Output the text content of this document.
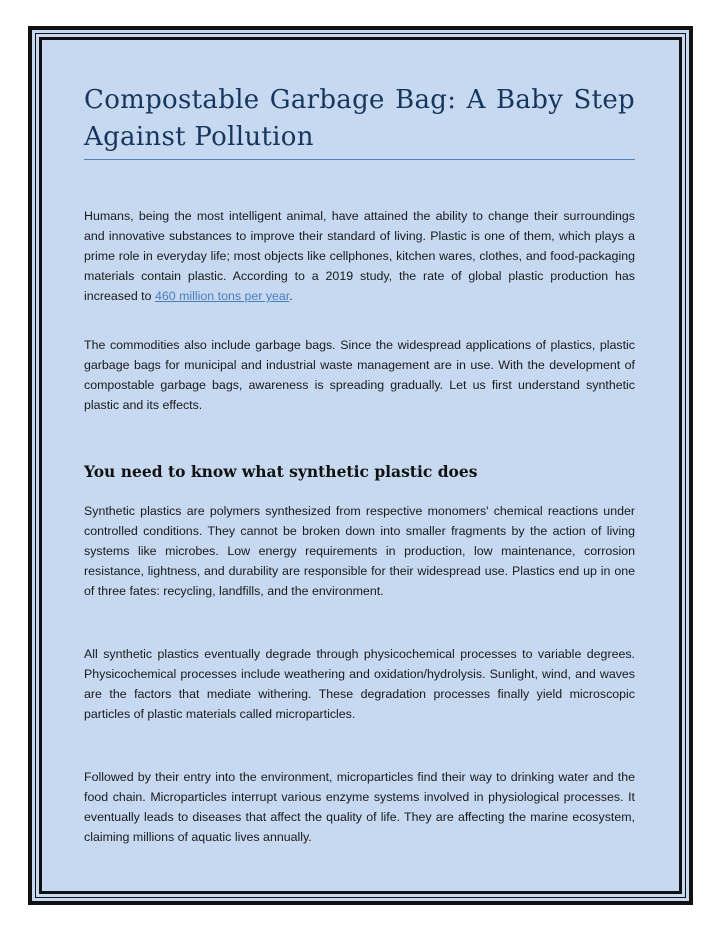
Compostable Garbage Bag: A Baby Step Against Pollution

Humans, being the most intelligent animal, have attained the ability to change their surroundings and innovative substances to improve their standard of living. Plastic is one of them, which plays a prime role in everyday life; most objects like cellphones, kitchen wares, clothes, and food-packaging materials contain plastic. According to a 2019 study, the rate of global plastic production has increased to 460 million tons per year.

The commodities also include garbage bags. Since the widespread applications of plastics, plastic garbage bags for municipal and industrial waste management are in use. With the development of compostable garbage bags, awareness is spreading gradually. Let us first understand synthetic plastic and its effects.

You need to know what synthetic plastic does

Synthetic plastics are polymers synthesized from respective monomers' chemical reactions under controlled conditions. They cannot be broken down into smaller fragments by the action of living systems like microbes. Low energy requirements in production, low maintenance, corrosion resistance, lightness, and durability are responsible for their widespread use. Plastics end up in one of three fates: recycling, landfills, and the environment.

All synthetic plastics eventually degrade through physicochemical processes to variable degrees. Physicochemical processes include weathering and oxidation/hydrolysis. Sunlight, wind, and waves are the factors that mediate withering. These degradation processes finally yield microscopic particles of plastic materials called microparticles.

Followed by their entry into the environment, microparticles find their way to drinking water and the food chain. Microparticles interrupt various enzyme systems involved in physiological processes. It eventually leads to diseases that affect the quality of life. They are affecting the marine ecosystem, claiming millions of aquatic lives annually.
